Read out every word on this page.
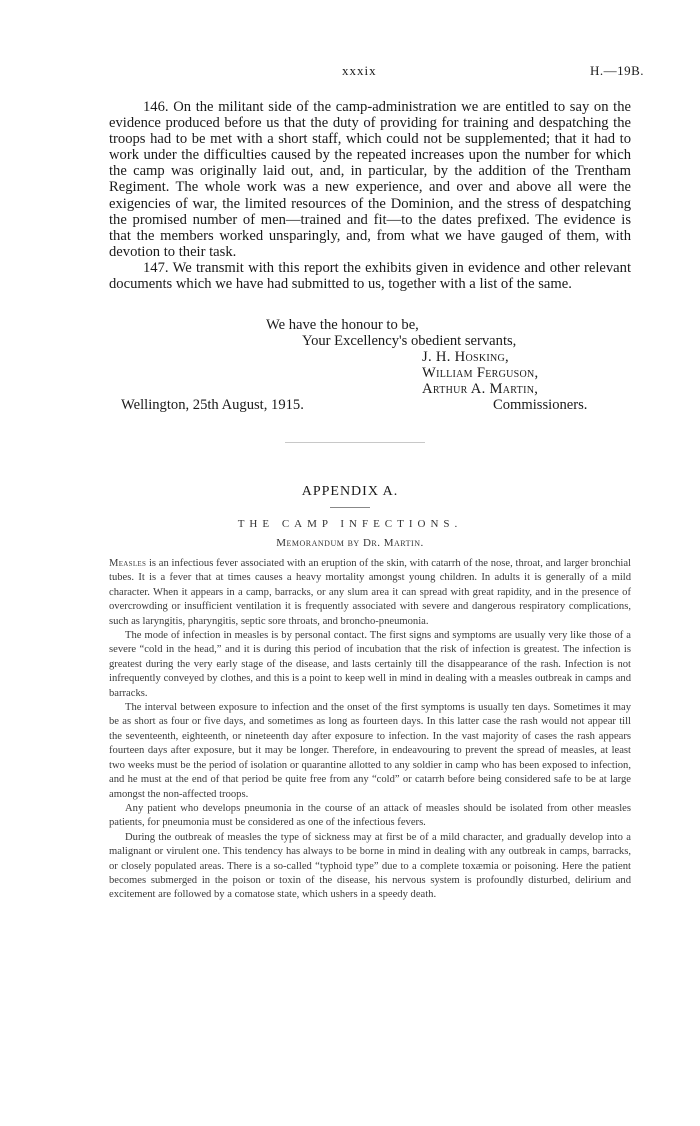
xxxix	H.—19B.

146. On the militant side of the camp-administration we are entitled to say on the evidence produced before us that the duty of providing for training and despatching the troops had to be met with a short staff, which could not be supplemented; that it had to work under the difficulties caused by the repeated increases upon the number for which the camp was originally laid out, and, in particular, by the addition of the Trentham Regiment. The whole work was a new experience, and over and above all were the exigencies of war, the limited resources of the Dominion, and the stress of despatching the promised number of men—trained and fit—to the dates prefixed. The evidence is that the members worked unsparingly, and, from what we have gauged of them, with devotion to their task.

147. We transmit with this report the exhibits given in evidence and other relevant documents which we have had submitted to us, together with a list of the same.

We have the honour to be,
Your Excellency's obedient servants,
J. H. Hosking,
William Ferguson,
Arthur A. Martin,
Wellington, 25th August, 1915.	Commissioners.
APPENDIX A.
THE CAMP INFECTIONS.
Memorandum by Dr. Martin.

Measles is an infectious fever associated with an eruption of the skin, with catarrh of the nose, throat, and larger bronchial tubes. It is a fever that at times causes a heavy mortality amongst young children. In adults it is generally of a mild character. When it appears in a camp, barracks, or any slum area it can spread with great rapidity, and in the presence of overcrowding or insufficient ventilation it is frequently associated with severe and dangerous respiratory complications, such as laryngitis, pharyngitis, septic sore throats, and broncho-pneumonia.

The mode of infection in measles is by personal contact. The first signs and symptoms are usually very like those of a severe “cold in the head,” and it is during this period of incubation that the risk of infection is greatest. The infection is greatest during the very early stage of the disease, and lasts certainly till the disappearance of the rash. Infection is not infrequently conveyed by clothes, and this is a point to keep well in mind in dealing with a measles outbreak in camps and barracks.

The interval between exposure to infection and the onset of the first symptoms is usually ten days. Sometimes it may be as short as four or five days, and sometimes as long as fourteen days. In this latter case the rash would not appear till the seventeenth, eighteenth, or nineteenth day after exposure to infection. In the vast majority of cases the rash appears fourteen days after exposure, but it may be longer. Therefore, in endeavouring to prevent the spread of measles, at least two weeks must be the period of isolation or quarantine allotted to any soldier in camp who has been exposed to infection, and he must at the end of that period be quite free from any “cold” or catarrh before being considered safe to be at large amongst the non-affected troops.

Any patient who develops pneumonia in the course of an attack of measles should be isolated from other measles patients, for pneumonia must be considered as one of the infectious fevers.

During the outbreak of measles the type of sickness may at first be of a mild character, and gradually develop into a malignant or virulent one. This tendency has always to be borne in mind in dealing with any outbreak in camps, barracks, or closely populated areas. There is a so-called “typhoid type” due to a complete toxæmia or poisoning. Here the patient becomes submerged in the poison or toxin of the disease, his nervous system is profoundly disturbed, delirium and excitement are followed by a comatose state, which ushers in a speedy death.
